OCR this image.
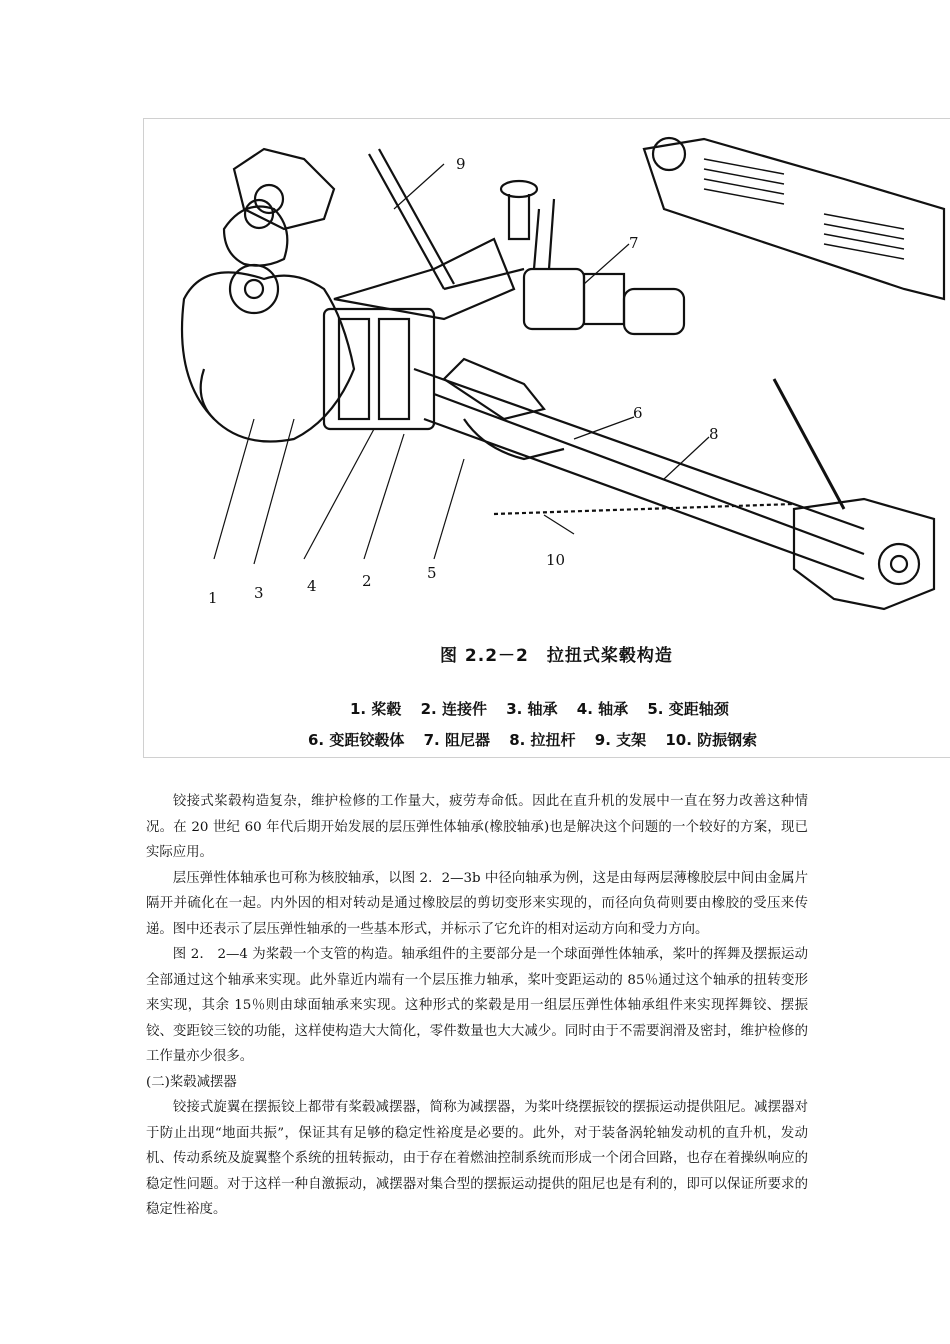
9
7
6
8
10
1 3	4	2	5
图 2.2－2　拉扭式桨毂构造
1. 桨毂 2. 连接件 3. 轴承 4. 轴承 5. 变距轴颈
6. 变距铰毂体 7. 阻尼器 8. 拉扭杆 9. 支架 10. 防振钢索

铰接式桨毂构造复杂，维护检修的工作量大，疲劳寿命低。因此在直升机的发展中一直在努力改善这种情况。在 20 世纪 60 年代后期开始发展的层压弹性体轴承(橡胶轴承)也是解决这个问题的一个较好的方案，现已实际应用。

层压弹性体轴承也可称为核胶轴承，以图 2．2—3b 中径向轴承为例，这是由每两层薄橡胶层中间由金属片隔开并硫化在一起。内外因的相对转动是通过橡胶层的剪切变形来实现的，而径向负荷则要由橡胶的受压来传递。图中还表示了层压弹性轴承的一些基本形式，并标示了它允许的相对运动方向和受力方向。

图 2． 2—4 为桨毂一个支管的构造。轴承组件的主要部分是一个球面弹性体轴承，桨叶的挥舞及摆振运动全部通过这个轴承来实现。此外靠近内端有一个层压推力轴承，桨叶变距运动的 85％通过这个轴承的扭转变形来实现，其余 15％则由球面轴承来实现。这种形式的桨毂是用一组层压弹性体轴承组件来实现挥舞铰、摆振铰、变距铰三铰的功能，这样使构造大大简化，零件数量也大大减少。同时由于不需要润滑及密封，维护检修的工作量亦少很多。

(二)桨毂减摆器

铰接式旋翼在摆振铰上都带有桨毂减摆器，简称为减摆器，为桨叶绕摆振铰的摆振运动提供阻尼。减摆器对于防止出现“地面共振”，保证其有足够的稳定性裕度是必要的。此外，对于装备涡轮轴发动机的直升机，发动机、传动系统及旋翼整个系统的扭转振动，由于存在着燃油控制系统而形成一个闭合回路，也存在着操纵响应的稳定性问题。对于这样一种自激振动，减摆器对集合型的摆振运动提供的阻尼也是有利的，即可以保证所要求的稳定性裕度。
